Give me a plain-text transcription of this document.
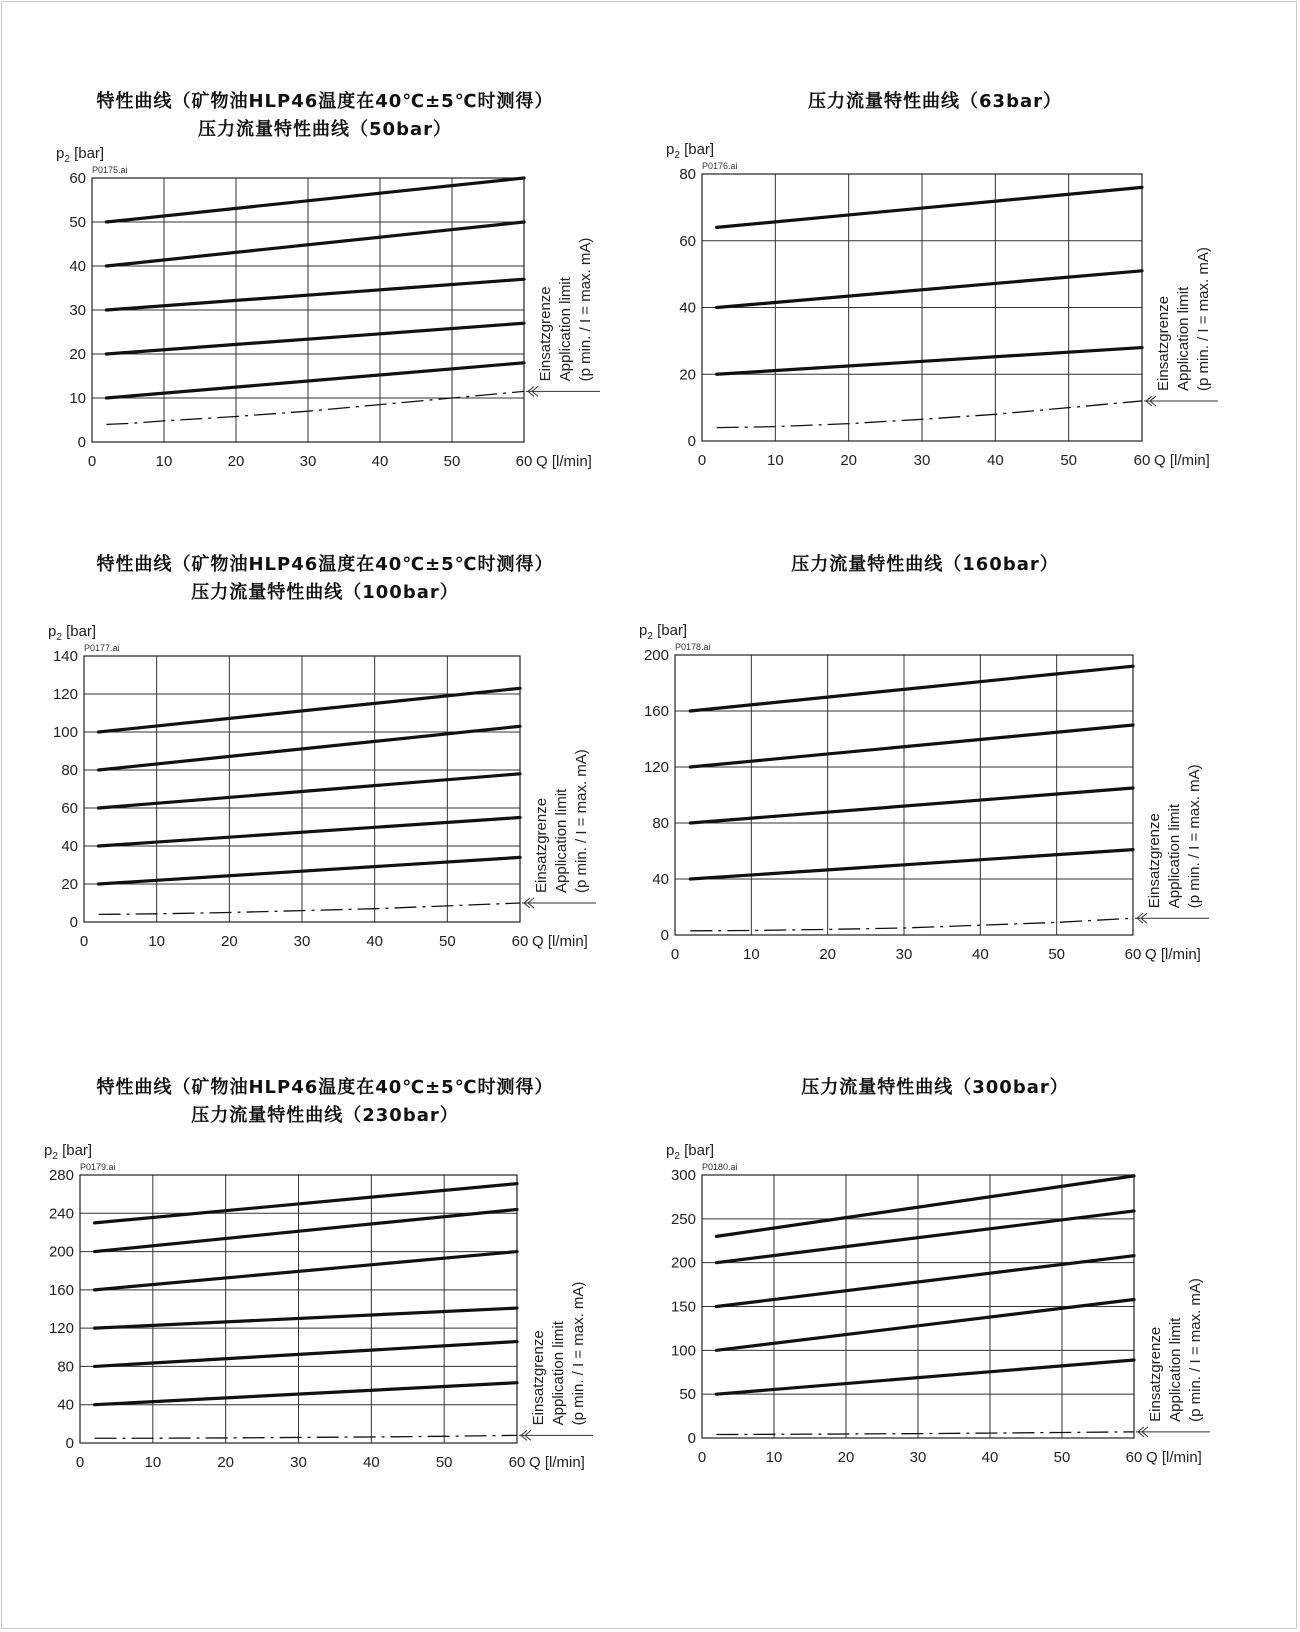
特性曲线（矿物油HLP46温度在40℃±5℃时测得）
压力流量特性曲线（50bar）
0	10	20	30	40	50	60
0
10
20
30
40
50
60
$p_2$ [bar]
P0175.ai
Q [l/min]
Einsatzgrenze Application limit (p min. / I = max. mA)
压力流量特性曲线（63bar）
0	10	20	30	40	50	60
0
20
40
60
80
$p_2$ [bar]
P0176.ai
Q [l/min]
Einsatzgrenze Application limit (p min. / I = max. mA)
特性曲线（矿物油HLP46温度在40℃±5℃时测得）
压力流量特性曲线（100bar）
0	10	20	30	40	50	60
0
20
40
60
80
100
120
140
$p_2$ [bar]
P0177.ai
Q [l/min]
Einsatzgrenze Application limit (p min. / I = max. mA)
压力流量特性曲线（160bar）
0	10	20	30	40	50	60
0
40
80
120
160
200
$p_2$ [bar]
P0178.ai
Q [l/min]
Einsatzgrenze Application limit (p min. / I = max. mA)
特性曲线（矿物油HLP46温度在40℃±5℃时测得）
压力流量特性曲线（230bar）
0	10	20	30	40	50	60
0
40
80
120
160
200
240
280
$p_2$ [bar]
P0179.ai
Q [l/min]
Einsatzgrenze Application limit (p min. / I = max. mA)
压力流量特性曲线（300bar）
0	10	20	30	40	50	60
0
50
100
150
200
250
300
$p_2$ [bar]
P0180.ai
Q [l/min]
Einsatzgrenze Application limit (p min. / I = max. mA)
